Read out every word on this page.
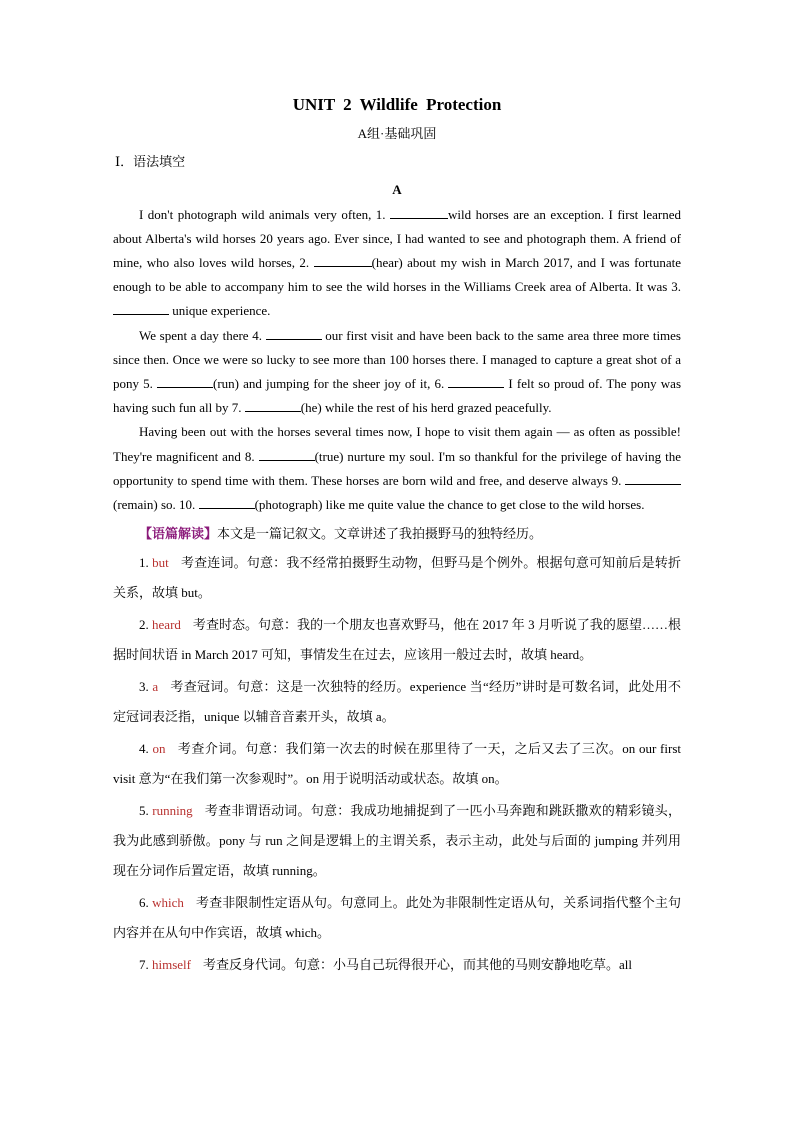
UNIT 2 Wildlife Protection
A组·基础巩固
Ⅰ．语法填空
A

I don't photograph wild animals very often, 1.	wild horses are an exception. I first learned about Alberta's wild horses 20 years ago. Ever since, I had wanted to see and photograph them. A friend of mine, who also loves wild horses, 2.	(hear) about my wish in March 2017, and I was fortunate enough to be able to accompany him to see the wild horses in the Williams Creek area of Alberta. It was 3.  unique experience.

We spent a day there 4.	our first visit and have been back to the same area three more times since then. Once we were so lucky to see more than 100 horses there. I managed to capture a great shot of a pony 5.	(run) and jumping for the sheer joy of it, 6.	I felt so proud of. The pony was having such fun all by 7.	(he) while the rest of his herd grazed peacefully.

Having been out with the horses several times now, I hope to visit them again — as often as possible! They're magnificent and 8.	(true) nurture my soul. I'm so thankful for the privilege of having the opportunity to spend time with them. These horses are born wild and free, and deserve always 9. (remain) so. 10.	(photograph) like me quite value the chance to get close to the wild horses.

【语篇解读】本文是一篇记叙文。文章讲述了我拍摄野马的独特经历。

1. but 考查连词。句意：我不经常拍摄野生动物，但野马是个例外。根据句意可知前后是转折关系，故填 but。

2. heard 考查时态。句意：我的一个朋友也喜欢野马，他在 2017 年 3 月听说了我的愿望……根据时间状语 in March 2017 可知，事情发生在过去，应该用一般过去时，故填 heard。

3. a 考查冠词。句意：这是一次独特的经历。experience 当“经历”讲时是可数名词，此处用不定冠词表泛指，unique 以辅音音素开头，故填 a。

4. on 考查介词。句意：我们第一次去的时候在那里待了一天，之后又去了三次。on our first visit 意为“在我们第一次参观时”。on 用于说明活动或状态。故填 on。

5. running 考查非谓语动词。句意：我成功地捕捉到了一匹小马奔跑和跳跃撒欢的精彩镜头，我为此感到骄傲。pony 与 run 之间是逻辑上的主谓关系，表示主动，此处与后面的 jumping 并列用现在分词作后置定语，故填 running。

6. which 考查非限制性定语从句。句意同上。此处为非限制性定语从句，关系词指代整个主句内容并在从句中作宾语，故填 which。

7. himself 考查反身代词。句意：小马自己玩得很开心，而其他的马则安静地吃草。all
